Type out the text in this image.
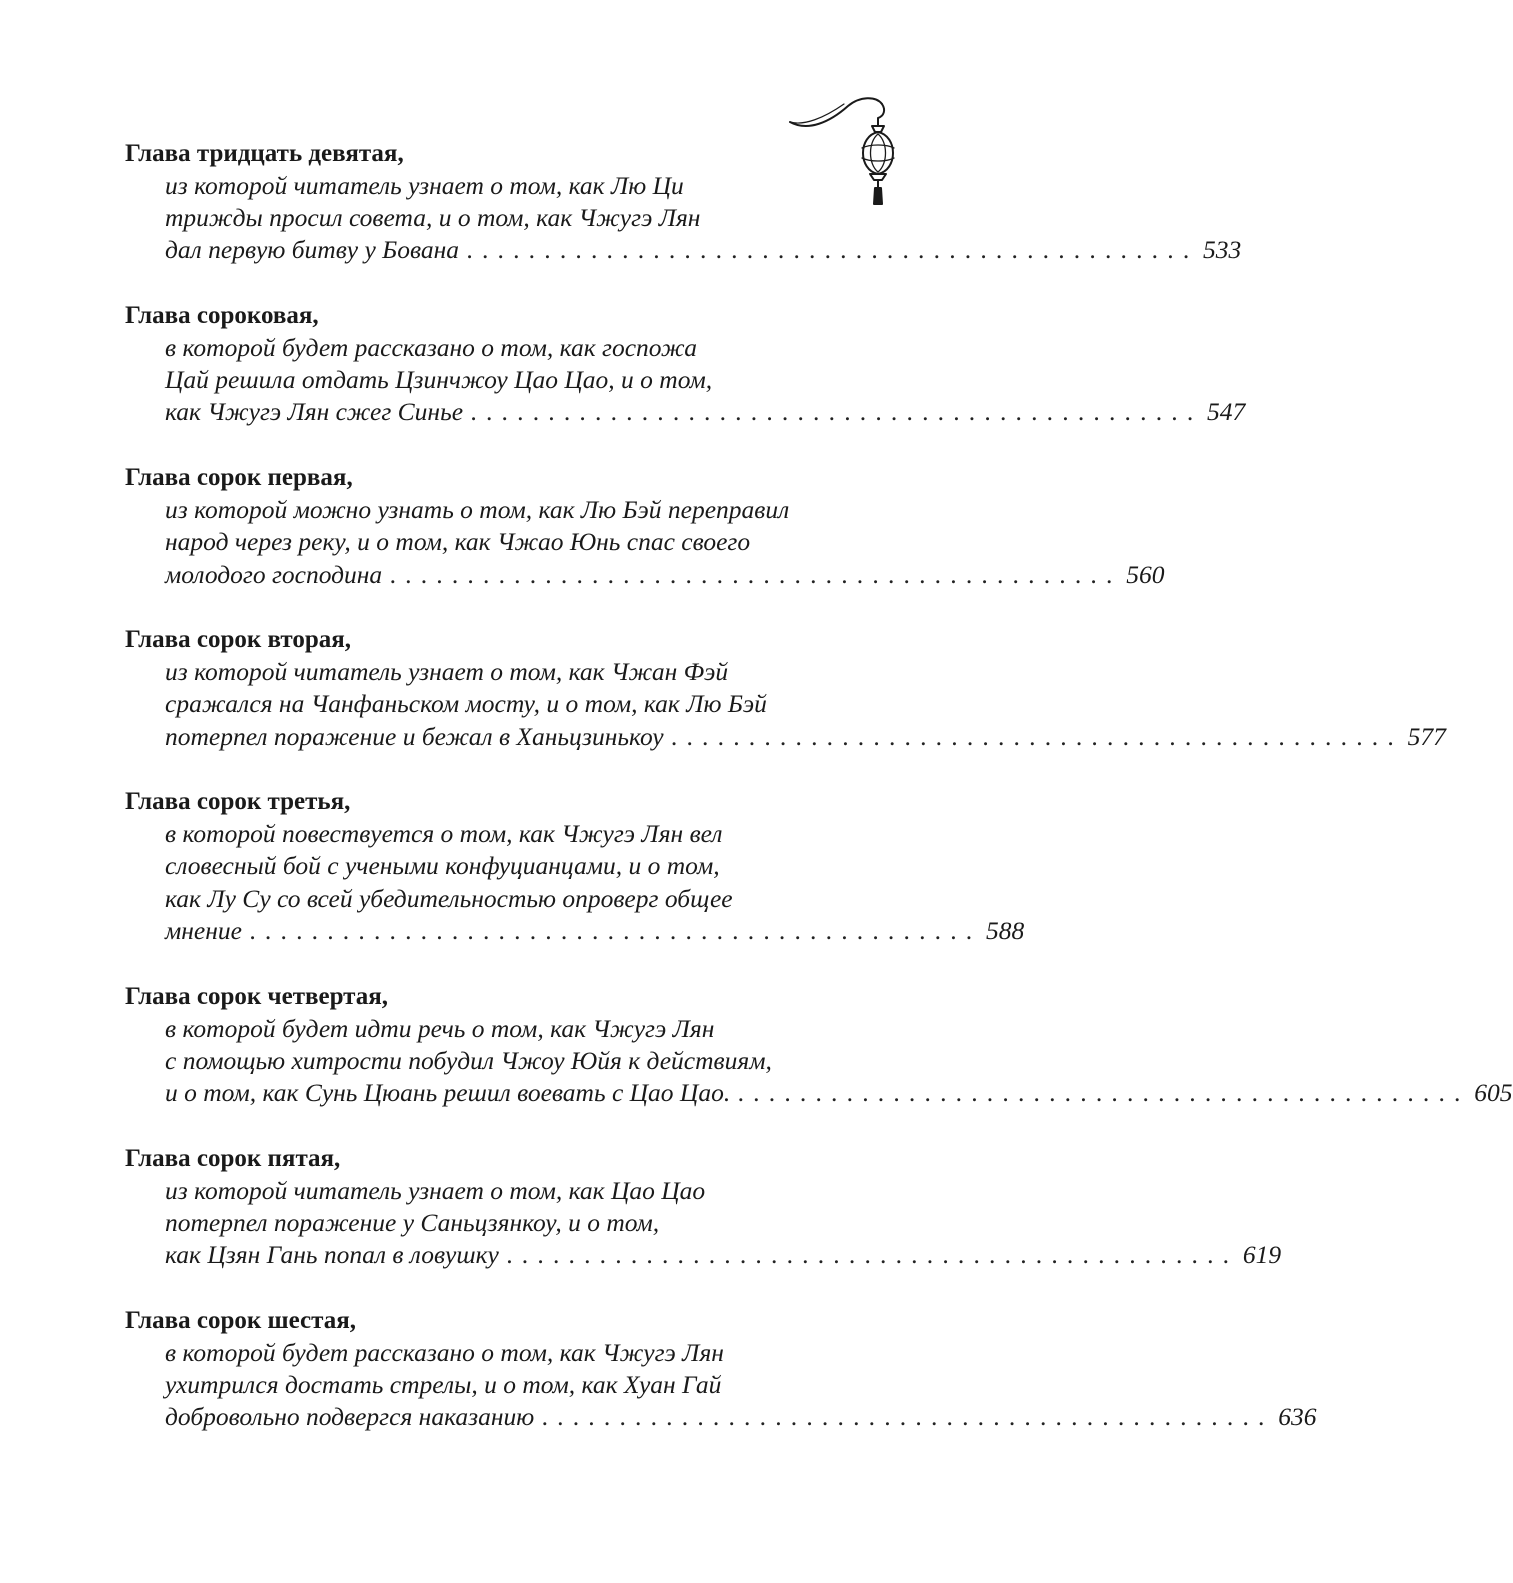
Глава тридцать девятая,
из которой читатель узнает о том, как Лю Ци
трижды просил совета, и о том, как Чжугэ Лян
дал первую битву у Бована ............................................... 533
Глава сороковая,
в которой будет рассказано о том, как госпожа
Цай решила отдать Цзинчжоу Цао Цао, и о том,
как Чжугэ Лян сжег Синье ............................................... 547
Глава сорок первая,
из которой можно узнать о том, как Лю Бэй переправил
народ через реку, и о том, как Чжао Юнь спас своего
молодого господина ............................................... 560
Глава сорок вторая,
из которой читатель узнает о том, как Чжан Фэй
сражался на Чанфаньском мосту, и о том, как Лю Бэй
потерпел поражение и бежал в Ханьцзинькоу ............................................... 577
Глава сорок третья,
в которой повествуется о том, как Чжугэ Лян вел
словесный бой с учеными конфуцианцами, и о том,
как Лу Су со всей убедительностью опроверг общее
мнение ............................................... 588
Глава сорок четвертая,
в которой будет идти речь о том, как Чжугэ Лян
с помощью хитрости побудил Чжоу Юйя к действиям,
и о том, как Сунь Цюань решил воевать с Цао Цао. ............................................... 605
Глава сорок пятая,
из которой читатель узнает о том, как Цао Цао
потерпел поражение у Саньцзянкоу, и о том,
как Цзян Гань попал в ловушку ............................................... 619
Глава сорок шестая,
в которой будет рассказано о том, как Чжугэ Лян
ухитрился достать стрелы, и о том, как Хуан Гай
добровольно подвергся наказанию ............................................... 636
